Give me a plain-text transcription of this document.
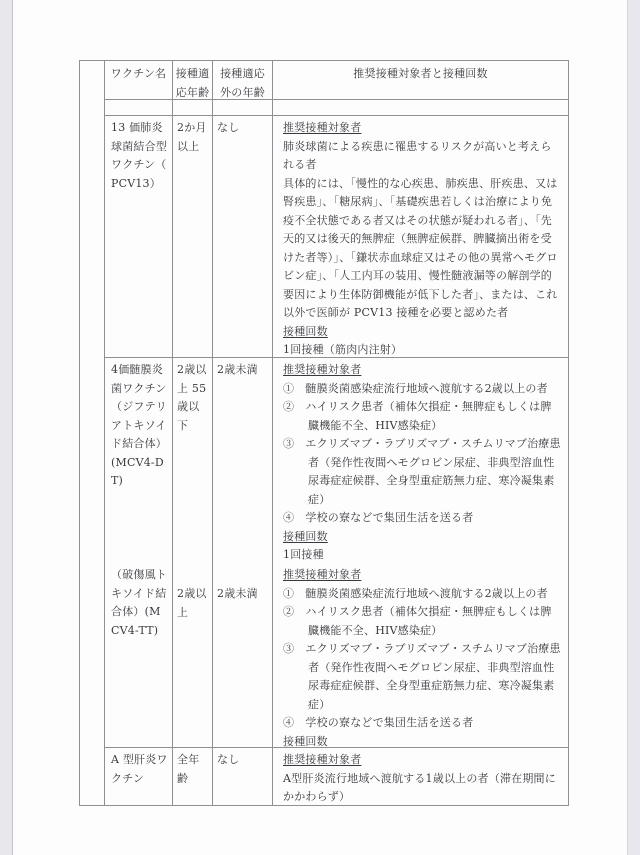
ワクチン名 接種適応年齢
接種適応外の年齢
推奨接種対象者と接種回数
13 価肺炎球菌結合型ワクチン（PCV13）
2か月以上
なし	推奨接種対象者
肺炎球菌による疾患に罹患するリスクが高いと考えられる者
具体的には、「慢性的な心疾患、肺疾患、肝疾患、又は腎疾患」、「糖尿病」、「基礎疾患若しくは治療により免疫不全状態である者又はその状態が疑われる者」、「先天的又は後天的無脾症（無脾症候群、脾臓摘出術を受けた者等）」、「鎌状赤血球症又はその他の異常ヘモグロビン症」、「人工内耳の装用、慢性髄液漏等の解剖学的要因により生体防御機能が低下した者」、または、これ以外で医師が PCV13 接種を必要と認めた者
接種回数
1回接種（筋肉内注射）
4価髄膜炎菌ワクチン（ジフテリアトキソイド結合体）(MCV4-DT)
（破傷風トキソイド結合体）(MCV4-TT)
2歳以上 55歳以下
2歳以上
2歳未満
2歳未満
推奨接種対象者
①　髄膜炎菌感染症流行地域へ渡航する2歳以上の者
②　ハイリスク患者（補体欠損症・無脾症もしくは脾臓機能不全、HIV感染症）
③　エクリズマブ・ラブリズマブ・スチムリマブ治療患者（発作性夜間ヘモグロビン尿症、非典型溶血性尿毒症症候群、全身型重症筋無力症、寒冷凝集素症）
④　学校の寮などで集団生活を送る者
接種回数
1回接種
推奨接種対象者
①　髄膜炎菌感染症流行地域へ渡航する2歳以上の者
②　ハイリスク患者（補体欠損症・無脾症もしくは脾臓機能不全、HIV感染症）
③　エクリズマブ・ラブリズマブ・スチムリマブ治療患者（発作性夜間ヘモグロビン尿症、非典型溶血性尿毒症症候群、全身型重症筋無力症、寒冷凝集素症）
④　学校の寮などで集団生活を送る者
接種回数
A 型肝炎ワクチン
全年齢
なし	推奨接種対象者
A型肝炎流行地域へ渡航する1歳以上の者（滞在期間にかかわらず）
